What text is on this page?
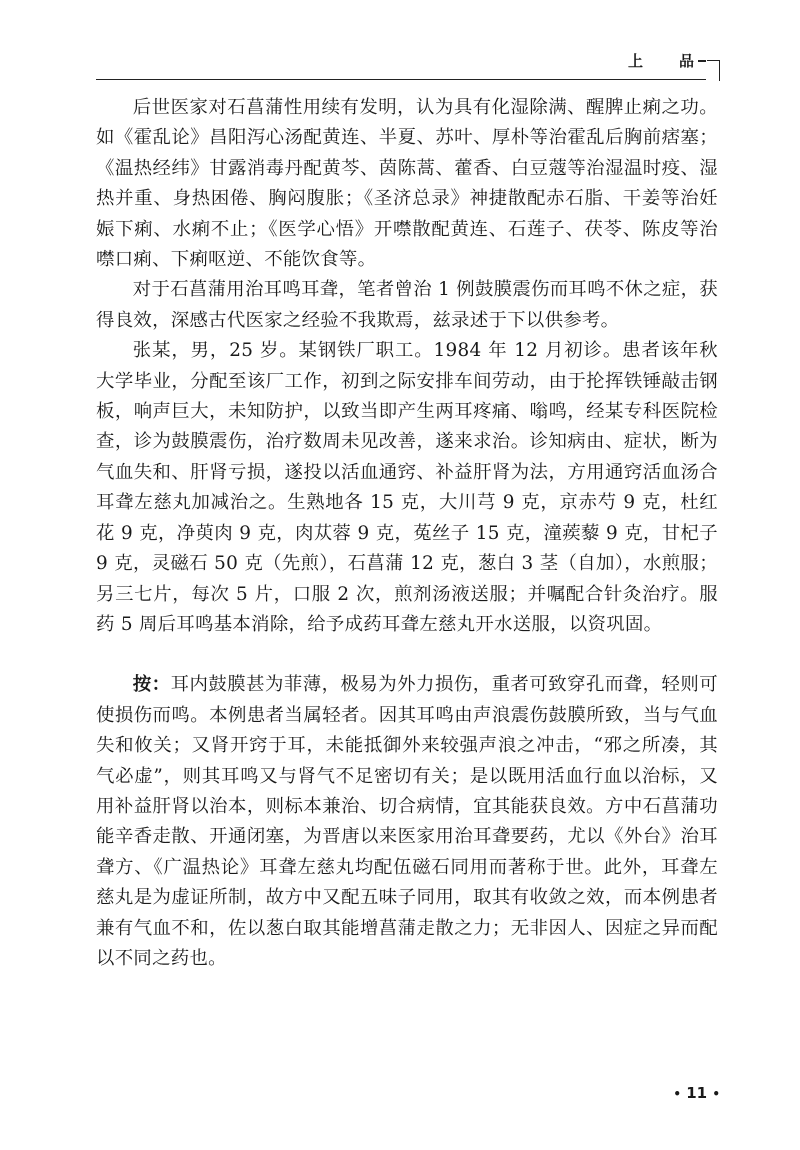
上 品

后世医家对石菖蒲性用续有发明，认为具有化湿除满、醒脾止痢之功。如《霍乱论》昌阳泻心汤配黄连、半夏、苏叶、厚朴等治霍乱后胸前痞塞；《温热经纬》甘露消毒丹配黄芩、茵陈蒿、藿香、白豆蔻等治湿温时疫、湿热并重、身热困倦、胸闷腹胀；《圣济总录》神捷散配赤石脂、干姜等治妊娠下痢、水痢不止；《医学心悟》开噤散配黄连、石莲子、茯苓、陈皮等治噤口痢、下痢呕逆、不能饮食等。

对于石菖蒲用治耳鸣耳聋，笔者曾治 1 例鼓膜震伤而耳鸣不休之症，获得良效，深感古代医家之经验不我欺焉，兹录述于下以供参考。

张某，男，25 岁。某钢铁厂职工。1984 年 12 月初诊。患者该年秋大学毕业，分配至该厂工作，初到之际安排车间劳动，由于抡挥铁锤敲击钢板，响声巨大，未知防护，以致当即产生两耳疼痛、嗡鸣，经某专科医院检查，诊为鼓膜震伤，治疗数周未见改善，遂来求治。诊知病由、症状，断为气血失和、肝肾亏损，遂投以活血通窍、补益肝肾为法，方用通窍活血汤合耳聋左慈丸加减治之。生熟地各 15 克，大川芎 9 克，京赤芍 9 克，杜红花 9 克，净萸肉 9 克，肉苁蓉 9 克，菟丝子 15 克，潼蒺藜 9 克，甘杞子 9 克，灵磁石 50 克（先煎），石菖蒲 12 克，葱白 3 茎（自加），水煎服；另三七片，每次 5 片，口服 2 次，煎剂汤液送服；并嘱配合针灸治疗。服药 5 周后耳鸣基本消除，给予成药耳聋左慈丸开水送服，以资巩固。

按：耳内鼓膜甚为菲薄，极易为外力损伤，重者可致穿孔而聋，轻则可使损伤而鸣。本例患者当属轻者。因其耳鸣由声浪震伤鼓膜所致，当与气血失和攸关；又肾开窍于耳，未能抵御外来较强声浪之冲击，“邪之所凑，其气必虚”，则其耳鸣又与肾气不足密切有关；是以既用活血行血以治标，又用补益肝肾以治本，则标本兼治、切合病情，宜其能获良效。方中石菖蒲功能辛香走散、开通闭塞，为晋唐以来医家用治耳聋要药，尤以《外台》治耳聋方、《广温热论》耳聋左慈丸均配伍磁石同用而著称于世。此外，耳聋左慈丸是为虚证所制，故方中又配五味子同用，取其有收敛之效，而本例患者兼有气血不和，佐以葱白取其能增菖蒲走散之力；无非因人、因症之异而配以不同之药也。

• 11 •
